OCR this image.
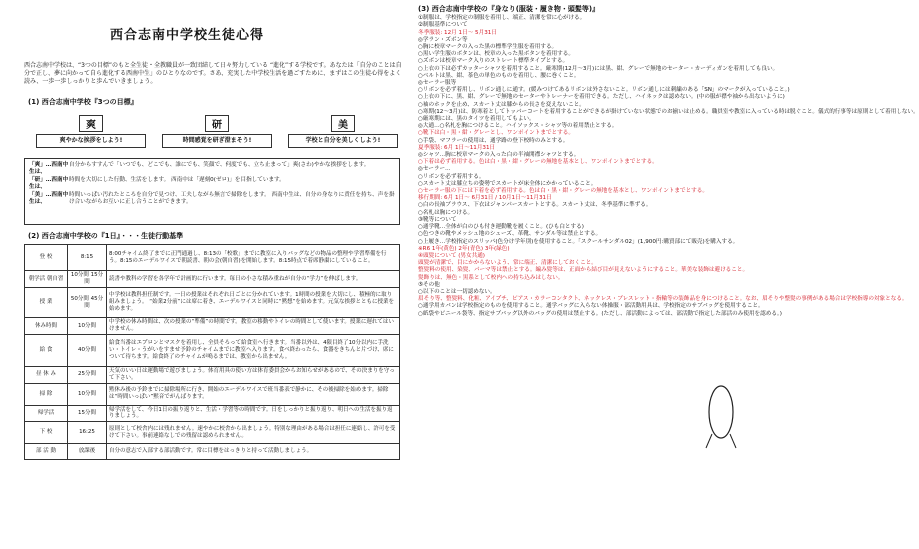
西合志南中学校生徒心得
西合志南中学校は、“3つの目標”のもと全生徒・全教職員が一致団結して日々努力している “進化”する学校です。あなたは「自分のことは自分で正し、夢に向かって自ら進化する西南中生」のひとりなのです。さあ、充実した中学校生活を過ごすために、まずはこの生徒心得をよく読み、一歩一歩しっかりと歩んでいきましょう。
(1) 西合志南中学校『3つの目標』
爽
爽やかな挨拶をしよう!
研
時間感覚を研ぎ澄まそう!
美
学校と自分を美しくしよう!
「爽」…西南中生は、
自分からすすんで「いつでも、どこでも、誰にでも、笑顔で、何度でも、立ち止まって」爽(さわ)やかな挨拶をします。
「研」…西南中生は、
時間を大切にした行動、生活をします。 西南中は「遅刻0(ゼロ)」を目指しています。
「美」…西南中生は、
時間いっぱい汚れたところを自分で見つけ、工夫しながら無言で掃除をします。 西南中生は、自分の身なりに責任を持ち、声を掛け合いながらお互いに正し合うことができます。
(2) 西合志南中学校の『1日』・・・生徒行動基準
登 校	8:15	8:00チャイム終了までに正門通過し、8:13の「校歌」までに教室に入りバッグなどの物品の整理や学習準備を行う。8:15のエーデルワイスで朝読書、朝の会(朝自習)を開始します。8:15時点で着席静粛にしていること。
朝学活 朝自習	10分間 15分間	読書や教科の学習を各学年で計画的に行います。毎日の小さな積み重ねが自分の“学力”を伸ばします。
授 業	50分間 45分間	中学校は教科担任制です。一日の授業はそれぞれ日ごとに分かれています。1時間の授業を大切にし、積極的に取り組みましょう。 “始業2分前”には席に着き、エーデルワイスと同時に“黙想”を始めます。元気な挨拶とともに授業を始めます。
休み時間	10分間	中学校の休み時間は、次の授業の“準備”の時間です。教室の移動やトイレの時間として使います。授業に遅れてはいけません。
給 食	40分間	給食当番はエプロンとマスクを着用し、全員そろって給食室へ行きます。当番以外は、4限目終了10分以内に手洗い・トイレ・うがいをすませ予鈴のチャイムまでに教室へ入ります。食べ終わったら、食器をきちんと片づけ、席について待ちます。給食終了のチャイムが鳴るまでは、教室から出ません。
昼 休 み	25分間	天気のいい日は運動場で遊びましょう。体育用具の使い方は体育委員会からお知らせがあるので、その決まりを守って下さい。
掃 除	10分間	黙休み後の予鈴までに掃除場所に行き、開始のエーデルワイスで班当番表で静かに、その後掃除を始めます。掃除は“時間いっぱい”黙音でがんばります。
帰学活	15分間	帰学活をして、今日1日の振り返りと、生活・学習等の時間です。日をしっかりと振り返り、明日への生活を振り返りましょう。
下 校	16:25	原則として校舎内には残れません。速やかに校舎から出ましょう。特別な理由がある場合は担任に連絡し、許可を受けて下さい。事前連絡なしでの残留は認められません。
部 活 動	放課後	自分の意志で入部する部活動です。常に目標をはっきりと持って活動しましょう。
(3) 西合志南中学校の『身なり(服装・履き物・頭髪等)』
①制服は、学校指定の制服を着用し、端正、清潔を常に心がける。
②制服基準について
冬季服装: 12月 1日〜 5月31日
◎学ラン・ズボン等
○胸に校章マークの入った黒の標準学生服を着用する。
○黒い学生服のボタンは、校章の入った黒ボタンを着用する。
○ズボンは校章マーク入りのストレート標準タイプとする。
○上衣の下は必ずカッターシャツを着用すること。厳寒期(12月〜3月)には黒、紺、グレーで無地のセーター・カーディガンを着用しても良い。
○ベルトは黒、紺、茶色の単色のものを着用し、腰に巻くこと。
◎セーラー服等
○リボンを必ず着用し、リボン通しに通す。(緩みつけてあるリボンは外さないこと。リボン通しには刺繍のある「SN」のマークが入っていること。)
○上衣の下に、黒、紺、グレーで無地のセーターやトレーナーを着用できる。ただし、ハイネックは認めない。(中の服が襟や袖から出ないように)
○袖のホックを止め、スカート丈は膝からの長さを変えないこと。
○寒期(12〜3月)は、防寒着としてトッパーコートを着用することができるが掛けていない状態でのお揃いは止める。職員室や教室に入っている時は脱ぐこと。儀式的行事等は原則として着用しない。
○厳寒期には、黒のタイツを着用してもよい。
◎大通…○名札を胸につけること。ハイソックス・シャツ等の着用禁止とする。
○靴下は白・黒・紺・グレーとし、ワンポイントまでとする。
○手袋、マフラーの使用は、通学路の登下校時のみとする。
夏季服装: 6月 1日〜11月31日
◎シャツ…胸に校章マークの入った白の半袖開襟シャツとする。
○下着は必ず着用する。色は白・黒・紺・グレーの無地を基本とし、ワンポイントまでとする。
◎セーラー…
○リボンを必ず着用する。
○スカート丈は膝立ちの姿勢でスカートが床全体にかかっていること。
○セーラー服の下には下着を必ず着用する。色は白・黒・紺・グレーの無地を基本とし、ワンポイントまでとする。
移行期間: 6月 1日〜 6月31日 / 10月1日〜11月31日
○白の長袖ブラウス、下衣はジャンパースカートとする。スカート丈は、冬季基準に準ずる。
○名札は胸につける。
③靴等について
○通学靴…全体が白のひも付き運動靴を履くこと。(ひも白とする)
○色つきの靴やメッシュ地のシューズ、革靴、サンダル等は禁止とする。
○上履き…学校指定のスリッパ(色分け学年別)を使用すること。「スクールサンダル02」(1,900円:購買部にて販売)を購入する。
※R6 1年(黄色) 2年(青色) 3年(緑色)
④頭髪について (男女共通)
頭髪が清潔で、目にかからないよう、常に端正、清潔にしておくこと。
整髪料の使用、染髪、パーマ等は禁止とする。編み髪等は、正面から結び目が見えないようにすること。華美な装飾は避けること。
髪飾りは、無色・黒系として校内への持ち込みはしない。
⑤その他
○以下のことは一切認めない。
眉そり等、整髪料、化粧、アイプチ、ピアス・カラーコンタクト、ネックレス・ブレスレット・指輪等の装飾品を身につけること。なお、眉そりや整髪の事例がある場合は学校指導の対象となる。
○通学用カバンは学校指定のものを使用すること。通学バッグに入らない体操服・部活動用具は、学校指定のサブバッグを使用すること。
○紙袋やビニール袋等、指定サブバッグ以外のバッグの使用は禁止する。(ただし、部活動によっては、部活動で指定した部活のみ使用を認める。)
